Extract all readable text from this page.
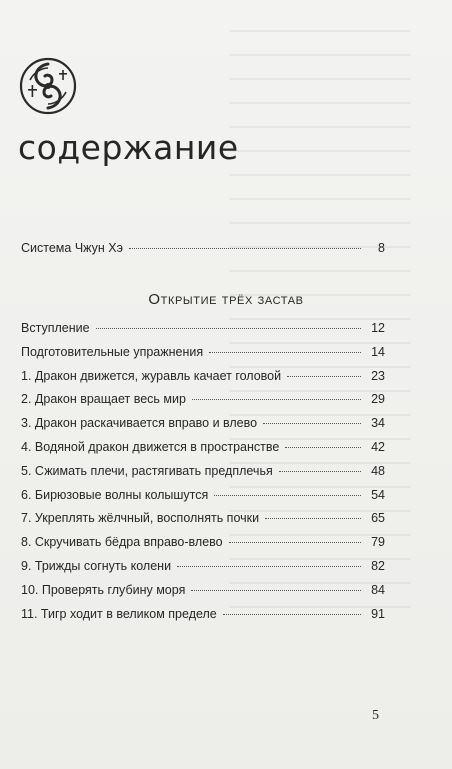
содержание
Система Чжун Хэ	8
Открытие трёх застав
Вступление	12
Подготовительные упражнения	14
1. Дракон движется, журавль качает головой	23
2. Дракон вращает весь мир	29
3. Дракон раскачивается вправо и влево	34
4. Водяной дракон движется в пространстве	42
5. Сжимать плечи, растягивать предплечья	48
6. Бирюзовые волны колышутся	54
7. Укреплять жёлчный, восполнять почки	65
8. Скручивать бёдра вправо-влево	79
9. Трижды согнуть колени	82
10. Проверять глубину моря	84
11. Тигр ходит в великом пределе	91
5
